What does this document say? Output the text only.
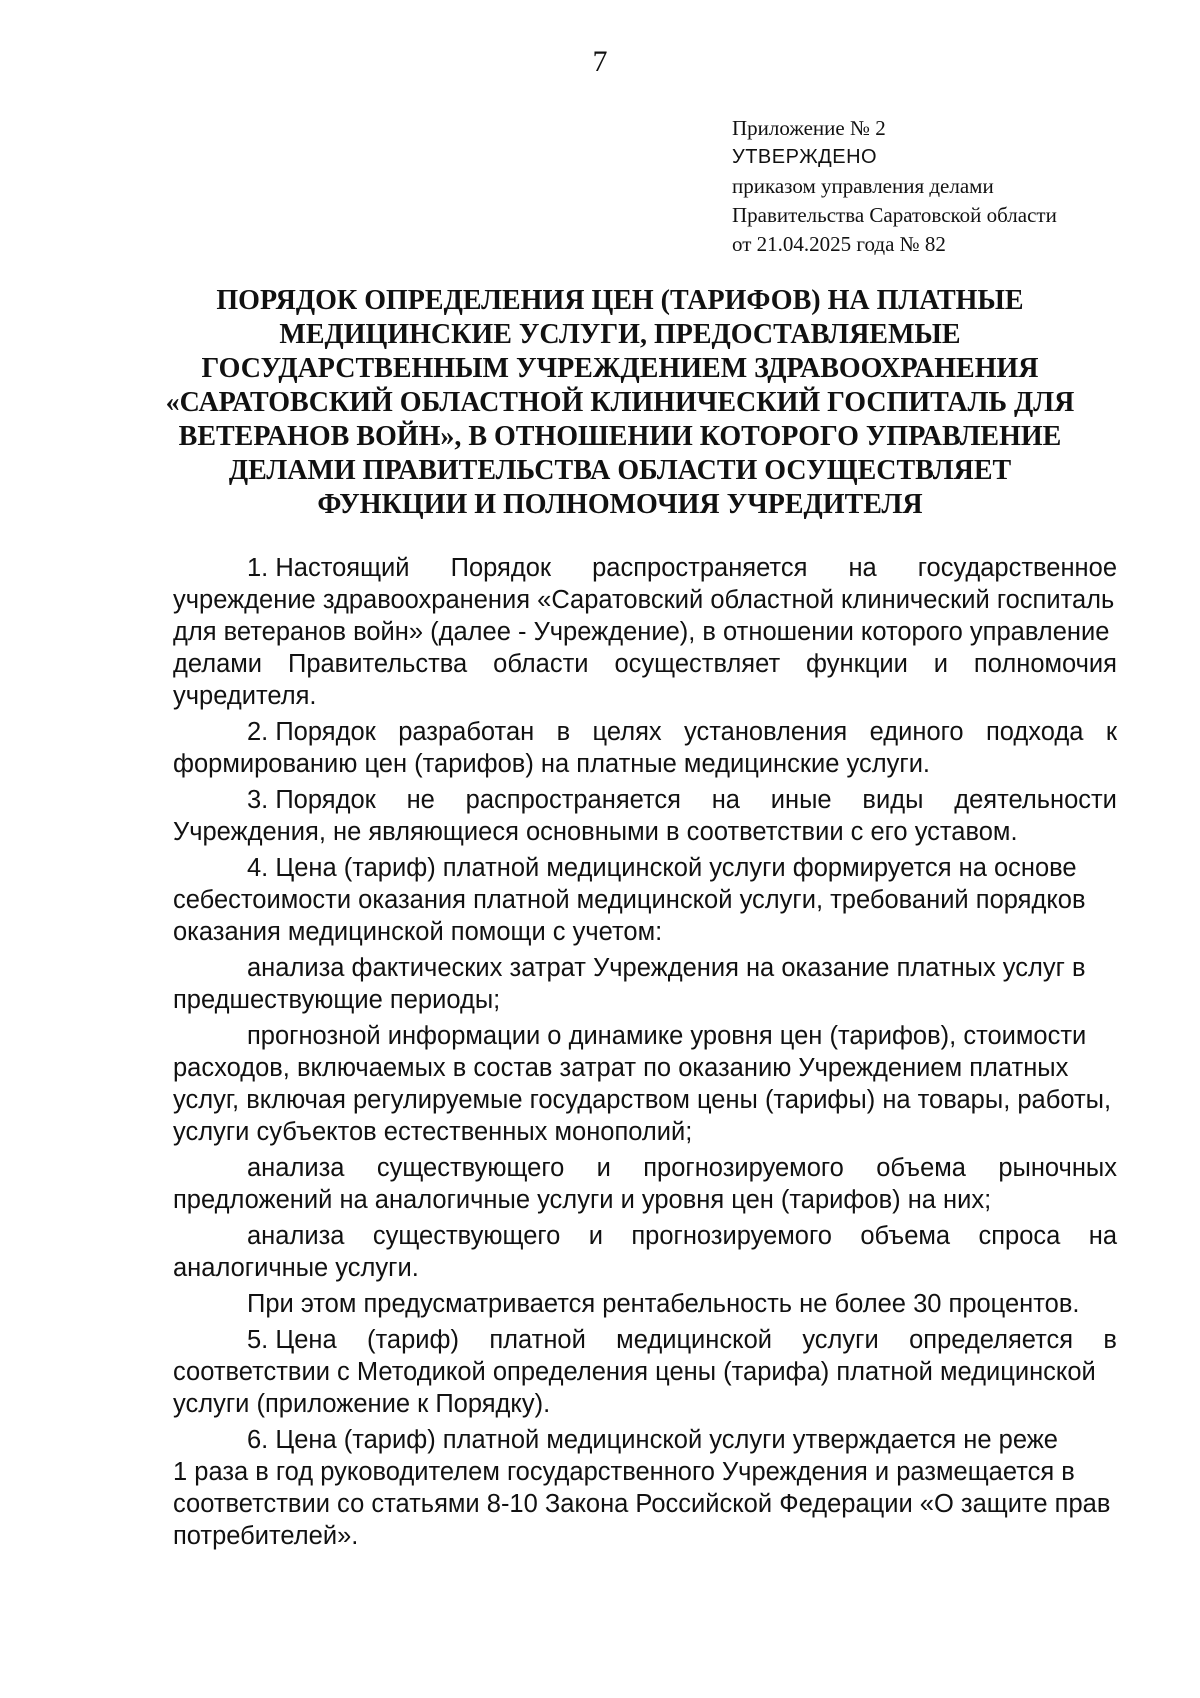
7
Приложение № 2
УТВЕРЖДЕНО
приказом управления делами
Правительства Саратовской области
от 21.04.2025 года № 82
ПОРЯДОК ОПРЕДЕЛЕНИЯ ЦЕН (ТАРИФОВ) НА ПЛАТНЫЕ
МЕДИЦИНСКИЕ УСЛУГИ, ПРЕДОСТАВЛЯЕМЫЕ
ГОСУДАРСТВЕННЫМ УЧРЕЖДЕНИЕМ ЗДРАВООХРАНЕНИЯ
«САРАТОВСКИЙ ОБЛАСТНОЙ КЛИНИЧЕСКИЙ ГОСПИТАЛЬ ДЛЯ
ВЕТЕРАНОВ ВОЙН», В ОТНОШЕНИИ КОТОРОГО УПРАВЛЕНИЕ
ДЕЛАМИ ПРАВИТЕЛЬСТВА ОБЛАСТИ ОСУЩЕСТВЛЯЕТ
ФУНКЦИИ И ПОЛНОМОЧИЯ УЧРЕДИТЕЛЯ
1. Настоящий Порядок распространяется на государственное
учреждение здравоохранения «Саратовский областной клинический госпиталь
для ветеранов войн» (далее - Учреждение), в отношении которого управление
делами Правительства области осуществляет функции и полномочия
учредителя.
2. Порядок разработан в целях установления единого подхода к
формированию цен (тарифов) на платные медицинские услуги.
3. Порядок не распространяется на иные виды деятельности
Учреждения, не являющиеся основными в соответствии с его уставом.
4. Цена (тариф) платной медицинской услуги формируется на основе
себестоимости оказания платной медицинской услуги, требований порядков
оказания медицинской помощи с учетом:
анализа фактических затрат Учреждения на оказание платных услуг в
предшествующие периоды;
прогнозной информации о динамике уровня цен (тарифов), стоимости
расходов, включаемых в состав затрат по оказанию Учреждением платных
услуг, включая регулируемые государством цены (тарифы) на товары, работы,
услуги субъектов естественных монополий;
анализа существующего и прогнозируемого объема рыночных
предложений на аналогичные услуги и уровня цен (тарифов) на них;
анализа существующего и прогнозируемого объема спроса на
аналогичные услуги.
При этом предусматривается рентабельность не более 30 процентов.
5. Цена (тариф) платной медицинской услуги определяется в
соответствии с Методикой определения цены (тарифа) платной медицинской
услуги (приложение к Порядку).
6. Цена (тариф) платной медицинской услуги утверждается не реже
1 раза в год руководителем государственного Учреждения и размещается в
соответствии со статьями 8-10 Закона Российской Федерации «О защите прав
потребителей».
